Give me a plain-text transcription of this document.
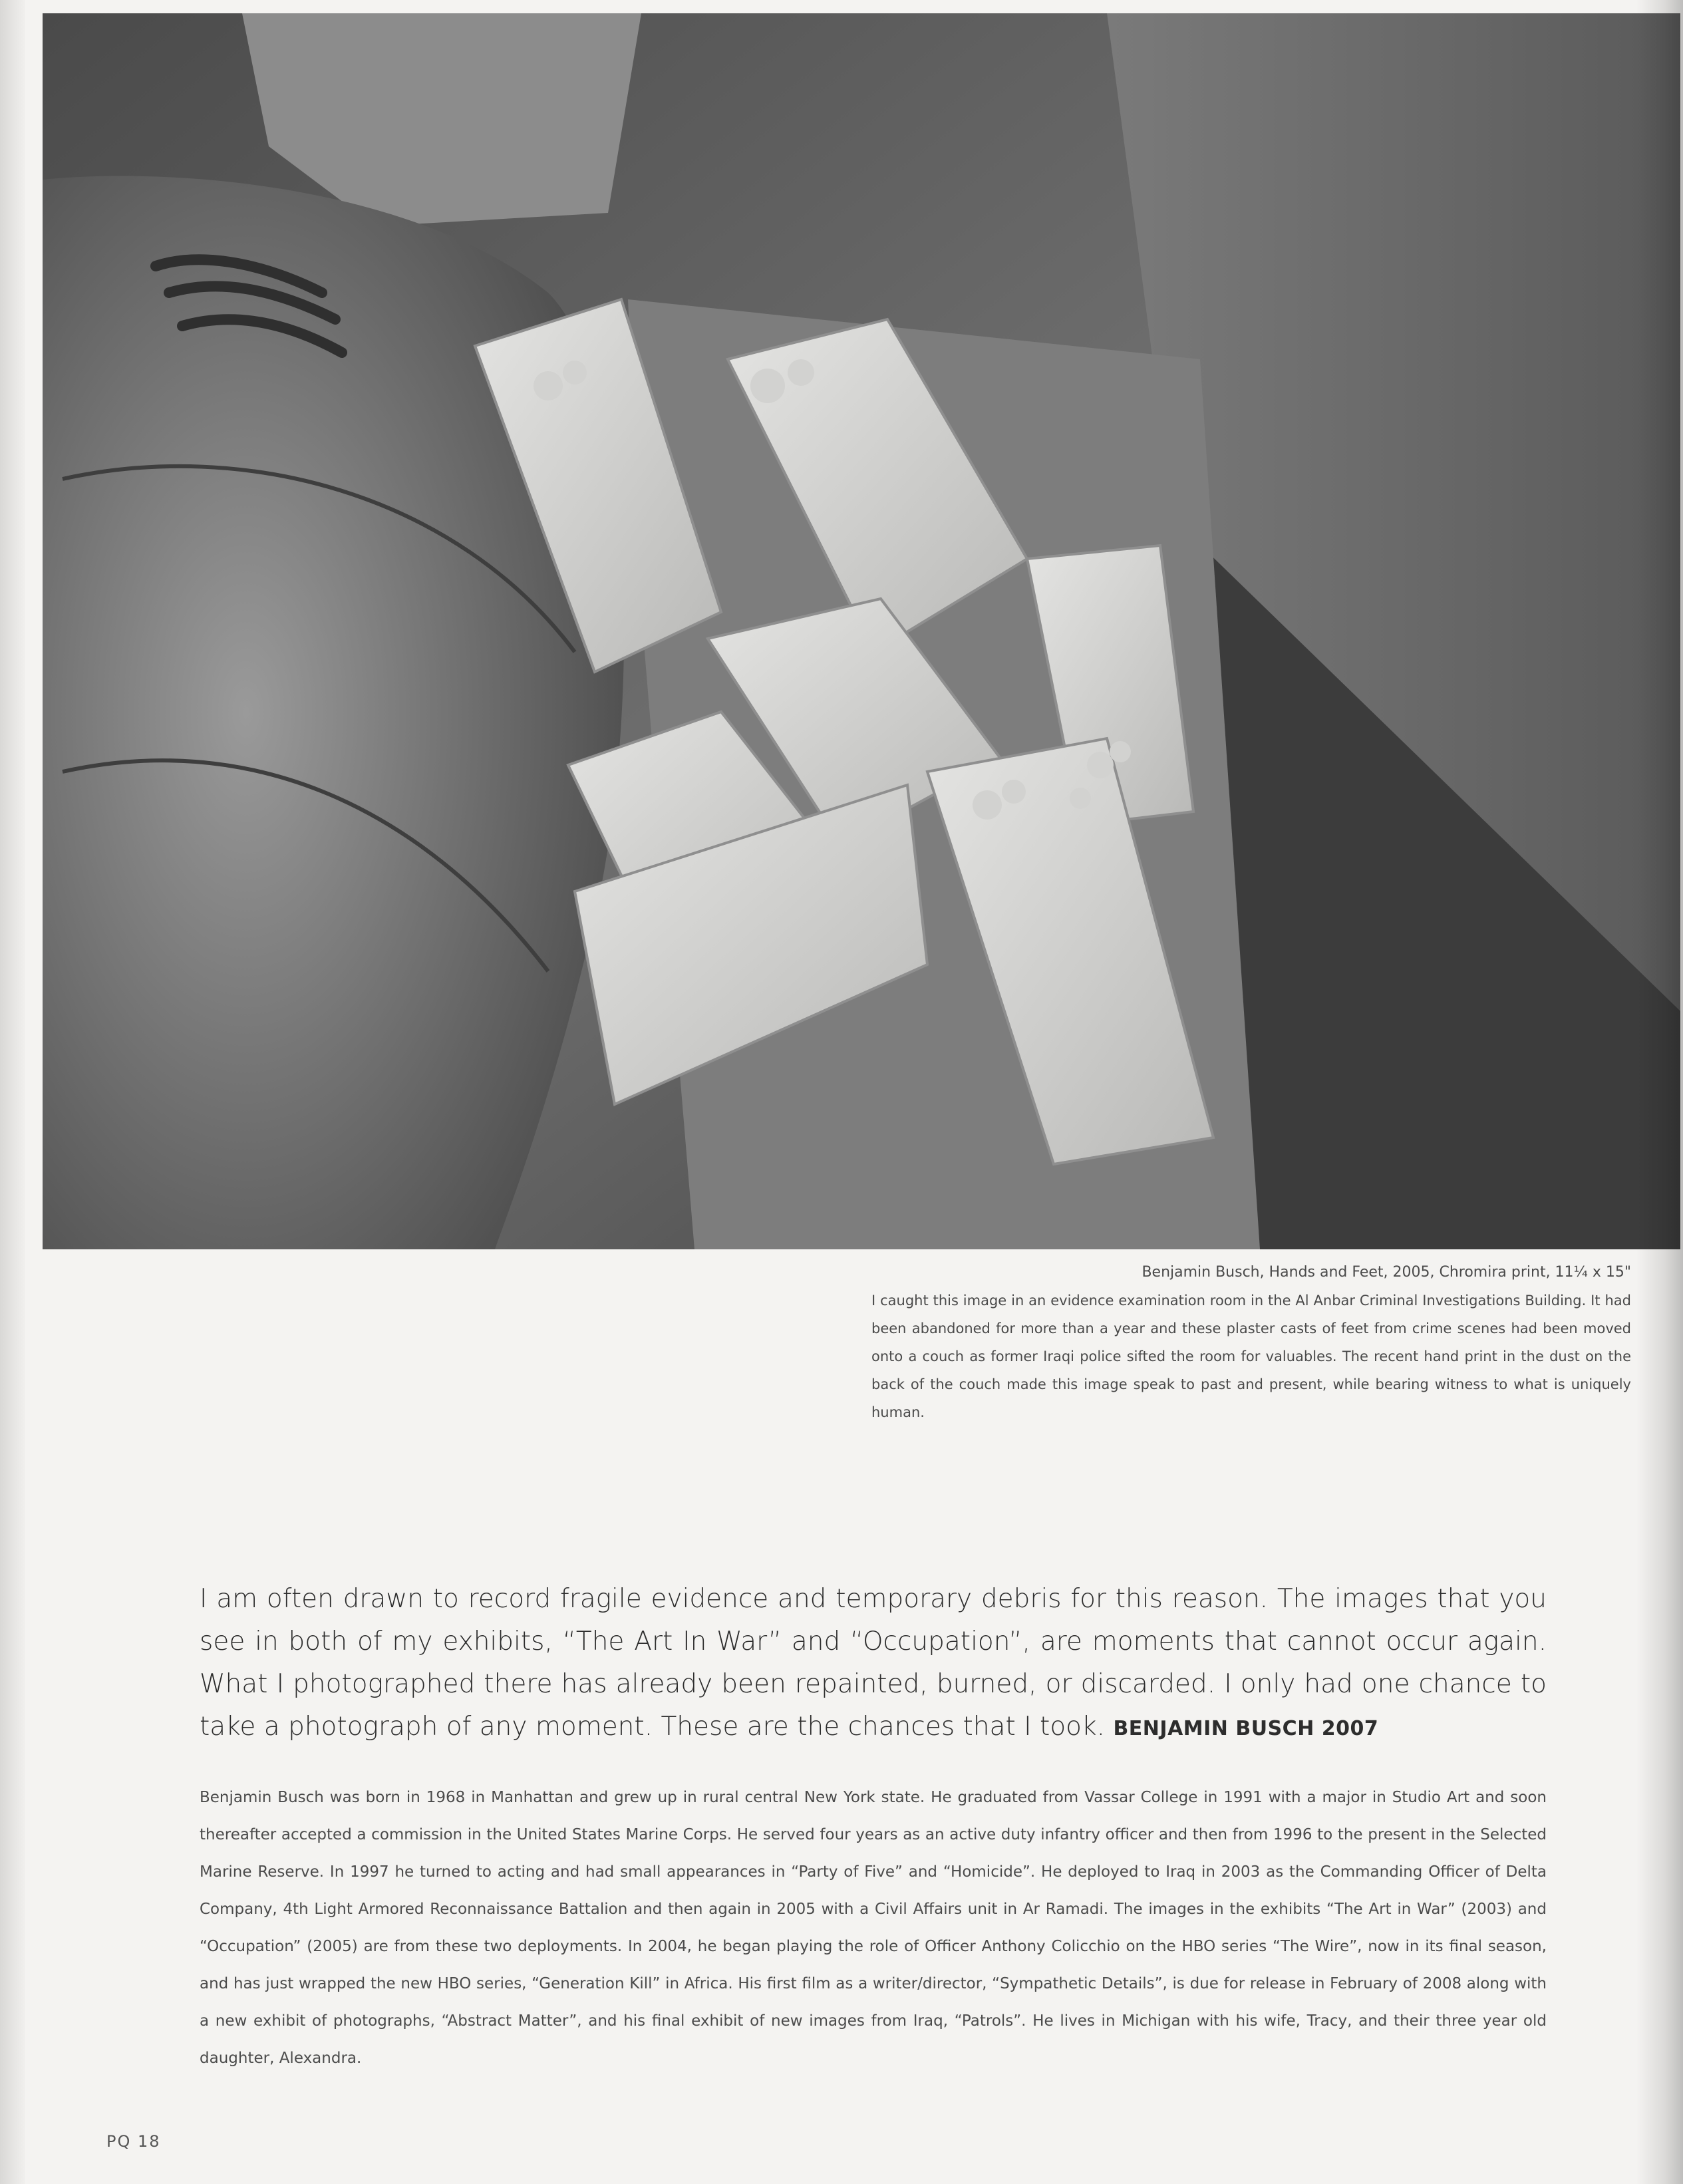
Benjamin Busch, Hands and Feet, 2005, Chromira print, 11¼ x 15"
I caught this image in an evidence examination room in the Al Anbar Criminal Investigations Building. It had been abandoned for more than a year and these plaster casts of feet from crime scenes had been moved onto a couch as former Iraqi police sifted the room for valuables. The recent hand print in the dust on the back of the couch made this image speak to past and present, while bearing witness to what is uniquely human.
I am often drawn to record fragile evidence and temporary debris for this reason. The images that you see in both of my exhibits, “The Art In War” and “Occupation”, are moments that cannot occur again. What I photographed there has already been repainted, burned, or discarded. I only had one chance to take a photograph of any moment. These are the chances that I took. BENJAMIN BUSCH 2007
Benjamin Busch was born in 1968 in Manhattan and grew up in rural central New York state. He graduated from Vassar College in 1991 with a major in Studio Art and soon thereafter accepted a commission in the United States Marine Corps. He served four years as an active duty infantry officer and then from 1996 to the present in the Selected Marine Reserve. In 1997 he turned to acting and had small appearances in “Party of Five” and “Homicide”. He deployed to Iraq in 2003 as the Commanding Officer of Delta Company, 4th Light Armored Reconnaissance Battalion and then again in 2005 with a Civil Affairs unit in Ar Ramadi. The images in the exhibits “The Art in War” (2003) and “Occupation” (2005) are from these two deployments. In 2004, he began playing the role of Officer Anthony Colicchio on the HBO series “The Wire”, now in its final season, and has just wrapped the new HBO series, “Generation Kill” in Africa. His first film as a writer/director, “Sympathetic Details”, is due for release in February of 2008 along with a new exhibit of photographs, “Abstract Matter”, and his final exhibit of new images from Iraq, “Patrols”. He lives in Michigan with his wife, Tracy, and their three year old daughter, Alexandra.
PQ 18
